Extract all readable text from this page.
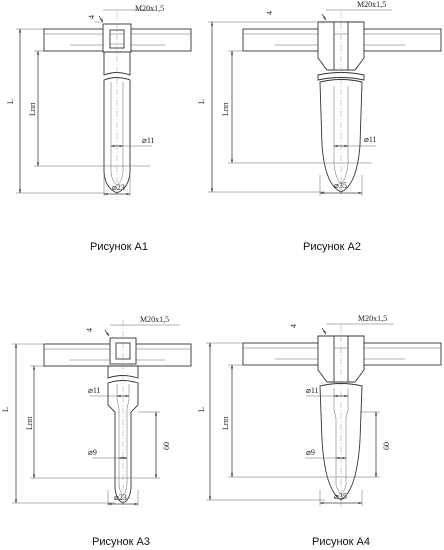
M20x1,5
4
L
Lпп
⌀11
⌀23
Рисунок А1
M20x1,5
4
L
Lпп
⌀11
⌀35
Рисунок А2
M20x1,5
4
L
Lпп
⌀11
⌀9
60
⌀23
Рисунок А3
M20x1,5
4
L
Lпп
⌀11
⌀9
60
⌀35
Рисунок А4
